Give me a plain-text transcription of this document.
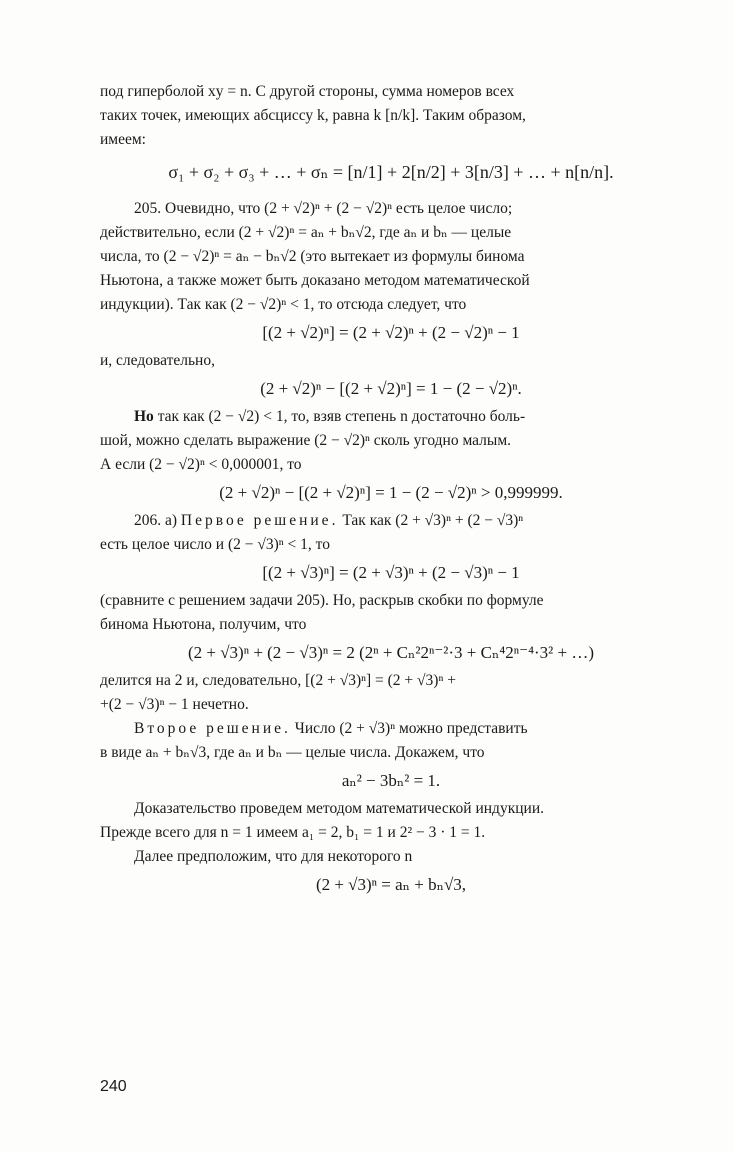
под гиперболой xy = n. С другой стороны, сумма номеров всех

таких точек, имеющих абсциссу k, равна k [n/k]. Таким образом,

имеем:

σ₁ + σ₂ + σ₃ + … + σₙ = [n/1] + 2[n/2] + 3[n/3] + … + n[n/n].

205. Очевидно, что (2 + √2)ⁿ + (2 − √2)ⁿ есть целое число;

действительно, если (2 + √2)ⁿ = aₙ + bₙ√2, где aₙ и bₙ — целые

числа, то (2 − √2)ⁿ = aₙ − bₙ√2 (это вытекает из формулы бинома

Ньютона, а также может быть доказано методом математической

индукции). Так как (2 − √2)ⁿ < 1, то отсюда следует, что

[(2 + √2)ⁿ] = (2 + √2)ⁿ + (2 − √2)ⁿ − 1

и, следовательно,

(2 + √2)ⁿ − [(2 + √2)ⁿ] = 1 − (2 − √2)ⁿ.

Но так как (2 − √2) < 1, то, взяв степень n достаточно боль-

шой, можно сделать выражение (2 − √2)ⁿ сколь угодно малым.

А если (2 − √2)ⁿ < 0,000001, то

(2 + √2)ⁿ − [(2 + √2)ⁿ] = 1 − (2 − √2)ⁿ > 0,999999.

206. а) Первое решение. Так как (2 + √3)ⁿ + (2 − √3)ⁿ

есть целое число и (2 − √3)ⁿ < 1, то

[(2 + √3)ⁿ] = (2 + √3)ⁿ + (2 − √3)ⁿ − 1

(сравните с решением задачи 205). Но, раскрыв скобки по формуле

бинома Ньютона, получим, что

(2 + √3)ⁿ + (2 − √3)ⁿ = 2 (2ⁿ + Cₙ²2ⁿ⁻²·3 + Cₙ⁴2ⁿ⁻⁴·3² + …)

делится на 2 и, следовательно, [(2 + √3)ⁿ] = (2 + √3)ⁿ +

+(2 − √3)ⁿ − 1 нечетно.

Второе решение. Число (2 + √3)ⁿ можно представить

в виде aₙ + bₙ√3, где aₙ и bₙ — целые числа. Докажем, что

aₙ² − 3bₙ² = 1.

Доказательство проведем методом математической индукции.

Прежде всего для n = 1 имеем a₁ = 2, b₁ = 1 и 2² − 3 · 1 = 1.

Далее предположим, что для некоторого n

(2 + √3)ⁿ = aₙ + bₙ√3,
240
